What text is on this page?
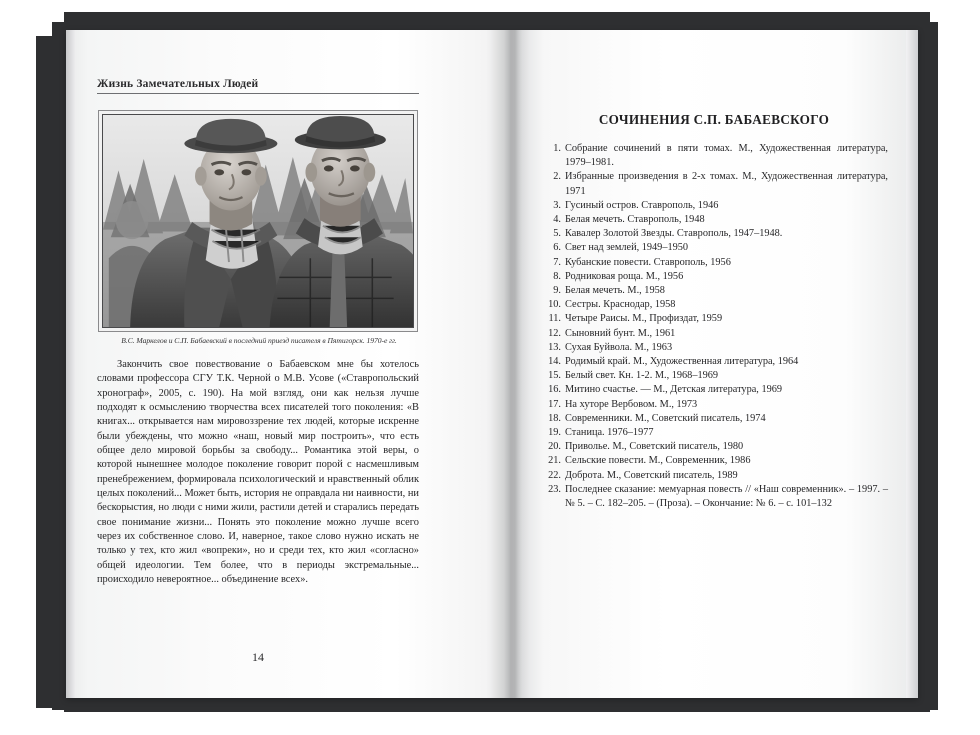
Жизнь Замечательных Людей
В.С. Маркелов и С.П. Бабаевский в последний приезд писателя в Пятигорск. 1970-е гг.
Закончить свое повествование о Бабаевском мне бы хотелось словами профессора СГУ Т.К. Черной о М.В. Усове («Ставропольский хронограф», 2005, с. 190). На мой взгляд, они как нельзя лучше подходят к осмыслению творчества всех писателей того поколения: «В книгах... открывается нам мировоззрение тех людей, которые искренне были убеждены, что можно «наш, новый мир построить», что есть общее дело мировой борьбы за свободу... Романтика этой веры, о которой нынешнее молодое поколение говорит порой с насмешливым пренебрежением, формировала психологический и нравственный облик целых поколений... Может быть, история не оправдала ни наивности, ни бескорыстия, но люди с ними жили, растили детей и старались передать свое понимание жизни... Понять это поколение можно лучше всего через их собственное слово. И, наверное, такое слово нужно искать не только у тех, кто жил «вопреки», но и среди тех, кто жил «согласно» общей идеологии. Тем более, что в периоды экстремальные... происходило невероятное... объединение всех».
14
СОЧИНЕНИЯ С.П. БАБАЕВСКОГО
1. Собрание сочинений в пяти томах. М., Художественная литература, 1979–1981.
2. Избранные произведения в 2-х томах. М., Художественная литература, 1971
3. Гусиный остров. Ставрополь, 1946
4. Белая мечеть. Ставрополь, 1948
5. Кавалер Золотой Звезды. Ставрополь, 1947–1948.
6. Свет над землей, 1949–1950
7. Кубанские повести. Ставрополь, 1956
8. Родниковая роща. М., 1956
9. Белая мечеть. М., 1958
10. Сестры. Краснодар, 1958
11. Четыре Раисы. М., Профиздат, 1959
12. Сыновний бунт. М., 1961
13. Сухая Буйвола. М., 1963
14. Родимый край. М., Художественная литература, 1964
15. Белый свет. Кн. 1-2. М., 1968–1969
16. Митино счастье. — М., Детская литература, 1969
17. На хуторе Вербовом. М., 1973
18. Современники. М., Советский писатель, 1974
19. Станица. 1976–1977
20. Приволье. М., Советский писатель, 1980
21. Сельские повести. М., Современник, 1986
22. Доброта. М., Советский писатель, 1989
23. Последнее сказание: мемуарная повесть // «Наш современник». – 1997. – № 5. – С. 182–205. – (Проза). – Окончание: № 6. – с. 101–132
